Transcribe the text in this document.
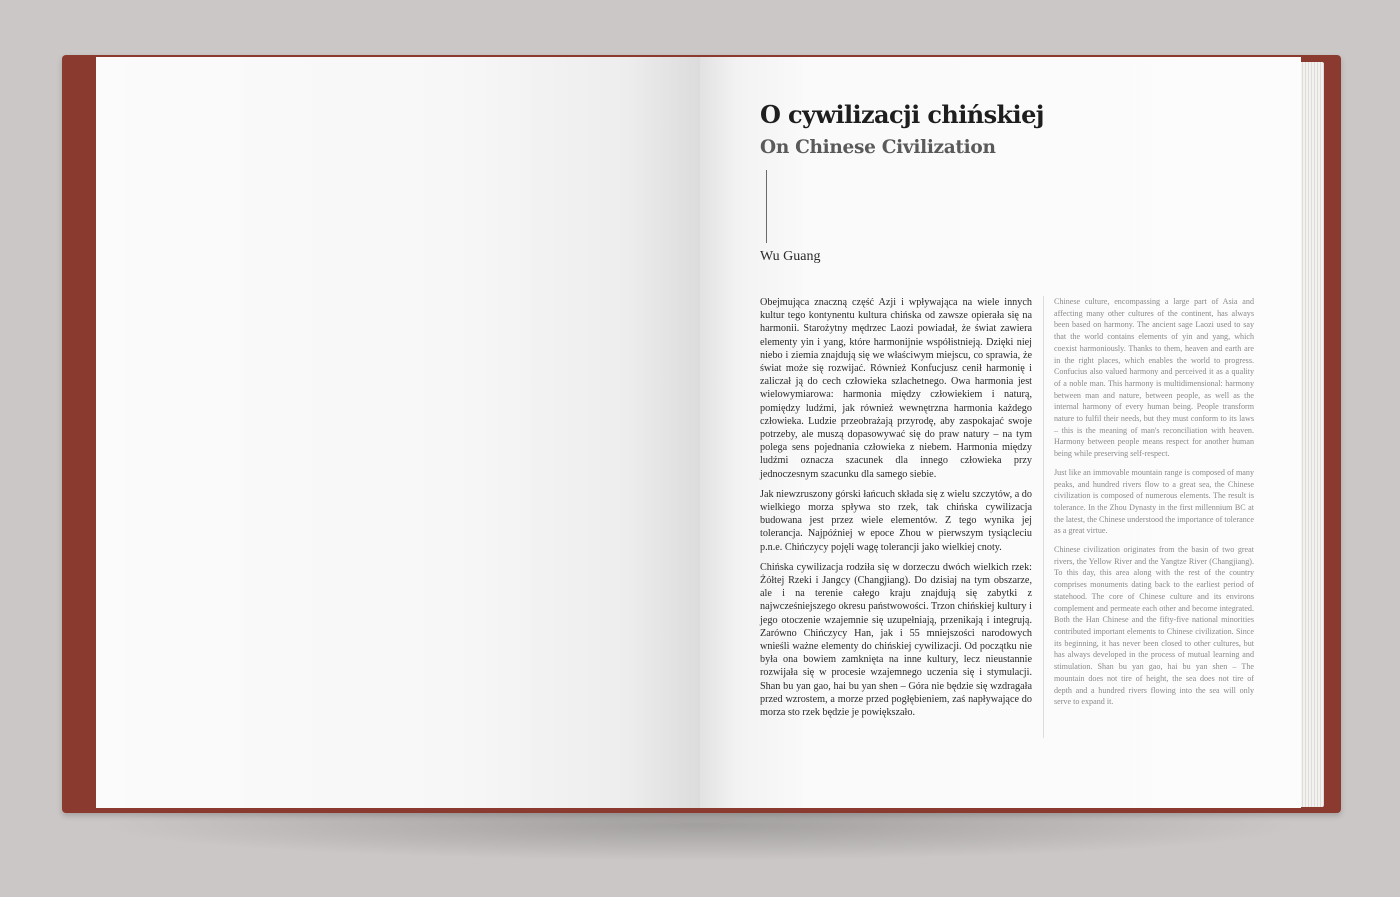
O cywilizacji chińskiej
On Chinese Civilization
Wu Guang

Obejmująca znaczną część Azji i wpływająca na wiele innych kultur tego kontynentu kultura chińska od zawsze opierała się na harmonii. Starożytny mędrzec Laozi powiadał, że świat zawiera elementy yin i yang, które harmonijnie współistnieją. Dzięki niej niebo i ziemia znajdują się we właściwym miejscu, co sprawia, że świat może się rozwijać. Również Konfucjusz cenił harmonię i zaliczał ją do cech człowieka szlachetnego. Owa harmonia jest wielowymiarowa: harmonia między człowiekiem i naturą, pomiędzy ludźmi, jak również wewnętrzna harmonia każdego człowieka. Ludzie przeobrażają przyrodę, aby zaspokajać swoje potrzeby, ale muszą dopasowywać się do praw natury – na tym polega sens pojednania człowieka z niebem. Harmonia między ludźmi oznacza szacunek dla innego człowieka przy jednoczesnym szacunku dla samego siebie.

Jak niewzruszony górski łańcuch składa się z wielu szczytów, a do wielkiego morza spływa sto rzek, tak chińska cywilizacja budowana jest przez wiele elementów. Z tego wynika jej tolerancja. Najpóźniej w epoce Zhou w pierwszym tysiącleciu p.n.e. Chińczycy pojęli wagę tolerancji jako wielkiej cnoty.

Chińska cywilizacja rodziła się w dorzeczu dwóch wielkich rzek: Żółtej Rzeki i Jangcy (Changjiang). Do dzisiaj na tym obszarze, ale i na terenie całego kraju znajdują się zabytki z najwcześniejszego okresu państwowości. Trzon chińskiej kultury i jego otoczenie wzajemnie się uzupełniają, przenikają i integrują. Zarówno Chińczycy Han, jak i 55 mniejszości narodowych wnieśli ważne elementy do chińskiej cywilizacji. Od początku nie była ona bowiem zamknięta na inne kultury, lecz nieustannie rozwijała się w procesie wzajemnego uczenia się i stymulacji. Shan bu yan gao, hai bu yan shen – Góra nie będzie się wzdragała przed wzrostem, a morze przed pogłębieniem, zaś napływające do morza sto rzek będzie je powiększało.

Chinese culture, encompassing a large part of Asia and affecting many other cultures of the continent, has always been based on harmony. The ancient sage Laozi used to say that the world contains elements of yin and yang, which coexist harmoniously. Thanks to them, heaven and earth are in the right places, which enables the world to progress. Confucius also valued harmony and perceived it as a quality of a noble man. This harmony is multidimensional: harmony between man and nature, between people, as well as the internal harmony of every human being. People transform nature to fulfil their needs, but they must conform to its laws – this is the meaning of man's reconciliation with heaven. Harmony between people means respect for another human being while preserving self-respect.

Just like an immovable mountain range is composed of many peaks, and hundred rivers flow to a great sea, the Chinese civilization is composed of numerous elements. The result is tolerance. In the Zhou Dynasty in the first millennium BC at the latest, the Chinese understood the importance of tolerance as a great virtue.

Chinese civilization originates from the basin of two great rivers, the Yellow River and the Yangtze River (Changjiang). To this day, this area along with the rest of the country comprises monuments dating back to the earliest period of statehood. The core of Chinese culture and its environs complement and permeate each other and become integrated. Both the Han Chinese and the fifty-five national minorities contributed important elements to Chinese civilization. Since its beginning, it has never been closed to other cultures, but has always developed in the process of mutual learning and stimulation. Shan bu yan gao, hai bu yan shen – The mountain does not tire of height, the sea does not tire of depth and a hundred rivers flowing into the sea will only serve to expand it.
